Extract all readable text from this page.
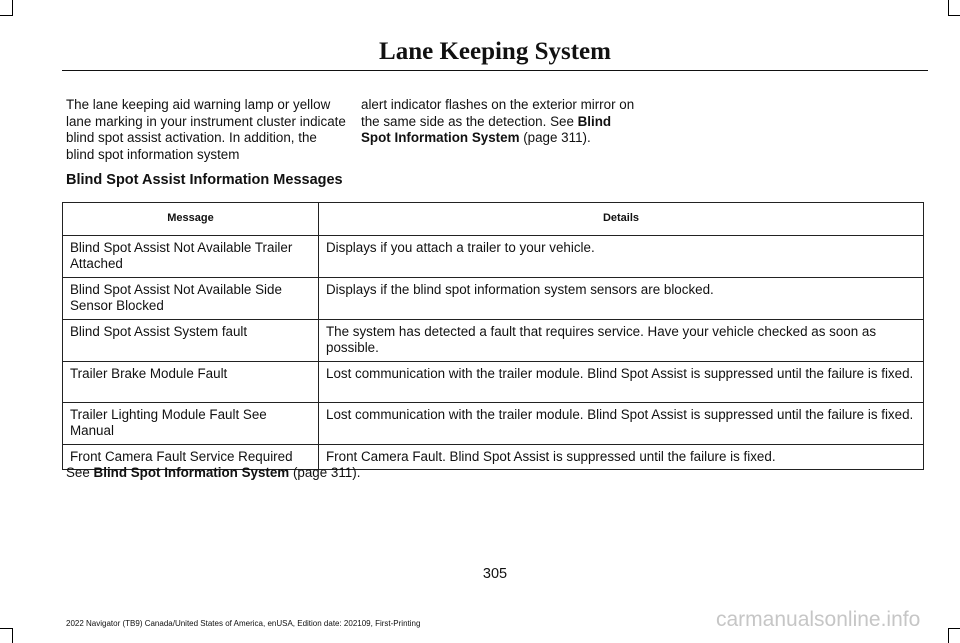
Lane Keeping System

The lane keeping aid warning lamp or yellow lane marking in your instrument cluster indicate blind spot assist activation. In addition, the blind spot information system

alert indicator flashes on the exterior mirror on the same side as the detection. See Blind Spot Information System (page 311).

Blind Spot Assist Information Messages
Message	Details
Blind Spot Assist Not Available Trailer Attached	Displays if you attach a trailer to your vehicle.
Blind Spot Assist Not Available Side Sensor Blocked	Displays if the blind spot information system sensors are blocked.
Blind Spot Assist System fault	The system has detected a fault that requires service. Have your vehicle checked as soon as possible.
Trailer Brake Module Fault	Lost communication with the trailer module. Blind Spot Assist is suppressed until the failure is fixed.
Trailer Lighting Module Fault See Manual	Lost communication with the trailer module. Blind Spot Assist is suppressed until the failure is fixed.
Front Camera Fault Service Required	Front Camera Fault. Blind Spot Assist is suppressed until the failure is fixed.

See Blind Spot Information System (page 311).

305
2022 Navigator (TB9) Canada/United States of America, enUSA, Edition date: 202109, First-Printing	carmanualsonline.info
